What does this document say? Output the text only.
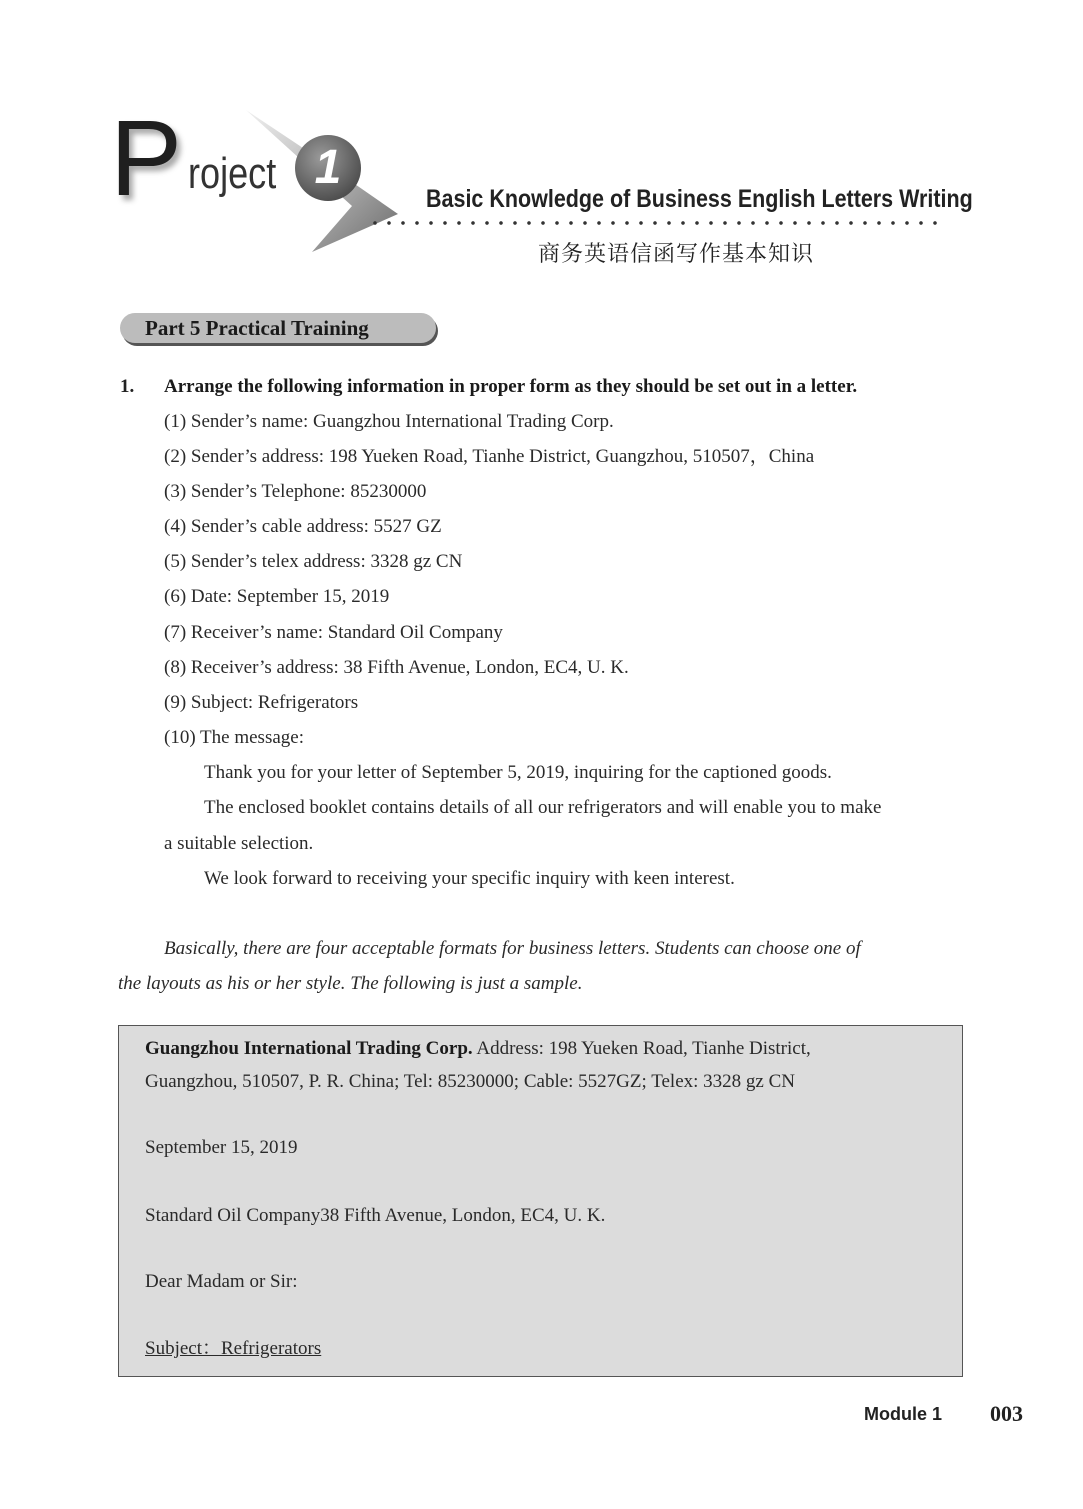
P roject 1
Basic Knowledge of Business English Letters Writing
商务英语信函写作基本知识
Part 5 Practical Training
1. Arrange the following information in proper form as they should be set out in a letter.
(1) Sender’s name: Guangzhou International Trading Corp.
(2) Sender’s address: 198 Yueken Road, Tianhe District, Guangzhou, 510507，China
(3) Sender’s Telephone: 85230000
(4) Sender’s cable address: 5527 GZ
(5) Sender’s telex address: 3328 gz CN
(6) Date: September 15, 2019
(7) Receiver’s name: Standard Oil Company
(8) Receiver’s address: 38 Fifth Avenue, London, EC4, U. K.
(9) Subject: Refrigerators
(10) The message:
Thank you for your letter of September 5, 2019, inquiring for the captioned goods.
The enclosed booklet contains details of all our refrigerators and will enable you to make
a suitable selection.
We look forward to receiving your specific inquiry with keen interest.
Basically, there are four acceptable formats for business letters. Students can choose one of
the layouts as his or her style. The following is just a sample.
Guangzhou International Trading Corp. Address: 198 Yueken Road, Tianhe District,
Guangzhou, 510507, P. R. China; Tel: 85230000; Cable: 5527GZ; Telex: 3328 gz CN
September 15, 2019
Standard Oil Company38 Fifth Avenue, London, EC4, U. K.
Dear Madam or Sir:
Subject：Refrigerators
Module 1 003
